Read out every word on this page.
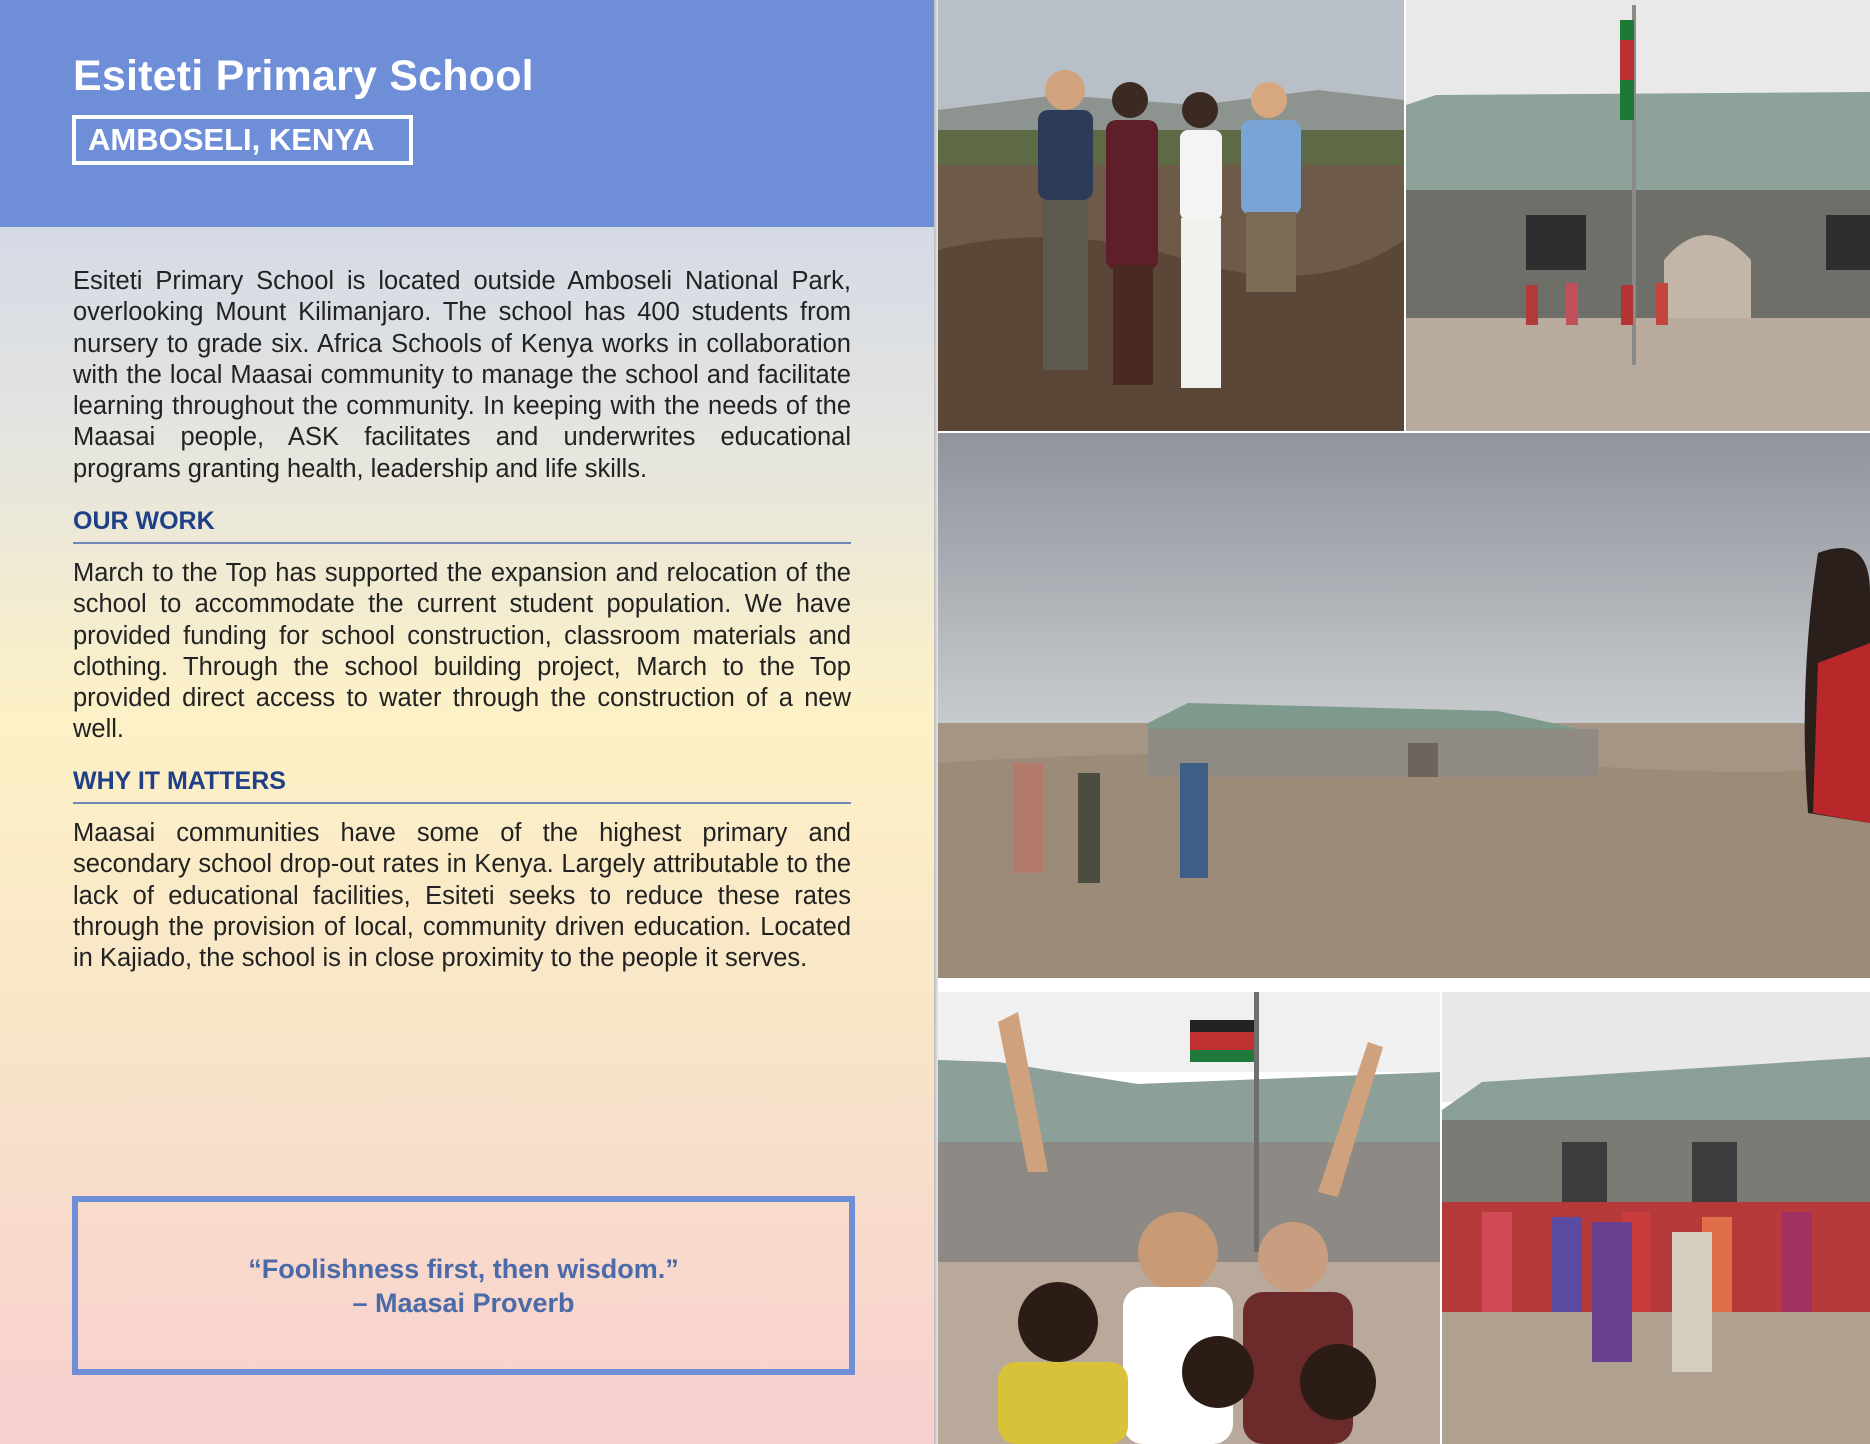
Esiteti Primary School
AMBOSELI, KENYA

Esiteti Primary School is located outside Amboseli National Park, overlooking Mount Kilimanjaro. The school has 400 students from nursery to grade six. Africa Schools of Kenya works in collaboration with the local Maasai community to manage the school and facilitate learning throughout the community. In keeping with the needs of the Maasai people, ASK facilitates and underwrites educational programs granting health, leadership and life skills.

OUR WORK

March to the Top has supported the expansion and relocation of the school to accommodate the current student population. We have provided funding for school construction, classroom materials and clothing. Through the school building project, March to the Top provided direct access to water through the construction of a new well.

WHY IT MATTERS

Maasai communities have some of the highest primary and secondary school drop-out rates in Kenya. Largely attributable to the lack of educational facilities, Esiteti seeks to reduce these rates through the provision of local, community driven education. Located in Kajiado, the school is in close proximity to the people it serves.

“Foolishness first, then wisdom.”
– Maasai Proverb
